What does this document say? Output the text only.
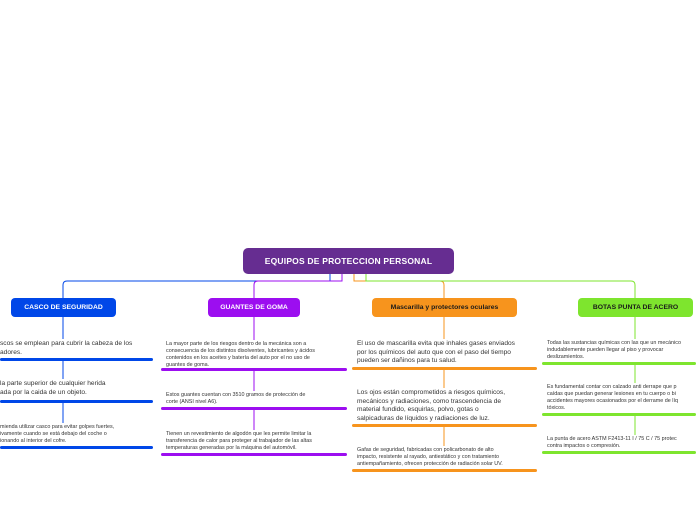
EQUIPOS DE PROTECCION PERSONAL
CASCO DE SEGURIDAD	GUANTES DE GOMA	Mascarilla y protectores oculares	BOTAS PUNTA DE ACERO
scos se emplean para cubrir la cabeza de los
adores.
la parte superior de cualquier herida
ada por la caida de un objeto.
mienda utilizar casco para evitar golpes fuertes,
ivamente cuando se está debajo del coche o
ionando al interior del cofre.
La mayor parte de los riesgos dentro de la mecánica son a
consecuencia de los distintos disolventes, lubricantes y ácidos
contenidos en los aceites y batería del auto por el no uso de
guantes de goma.
Estos guantes cuentan con 3510 gramos de protección de
corte (ANSI nivel A6).
Tienen un revestimiento de algodón que les permite limitar la
transferencia de calor para proteger al trabajador de las altas
temperaturas generadas por la máquina del automóvil.
El uso de mascarilla evita que inhales gases enviados
por los químicos del auto que con el paso del tiempo
pueden ser dañinos para tu salud.
Los ojos están comprometidos a riesgos químicos,
mecánicos y radiaciones, como trascendencia de
material fundido, esquirlas, polvo, gotas o
salpicaduras de líquidos y radiaciones de luz.
Gafas de seguridad, fabricadas con policarbonato de alto
impacto, resistente al rayado, antiestático y con tratamiento
antiempañamiento, ofrecen protección de radiación solar UV.
Todas las sustancias químicas con las que un mecánico
indudablemente pueden llegar al piso y provocar
deslizamientos.
Es fundamental contar con calzado anti derrape que p
caídas que puedan generar lesiones en tu cuerpo o bi
accidentes mayores ocasionados por el derrame de líq
tóxicos.
La punta de acero ASTM F2413-11 I / 75 C / 75 protec
contra impactos o compresión.
